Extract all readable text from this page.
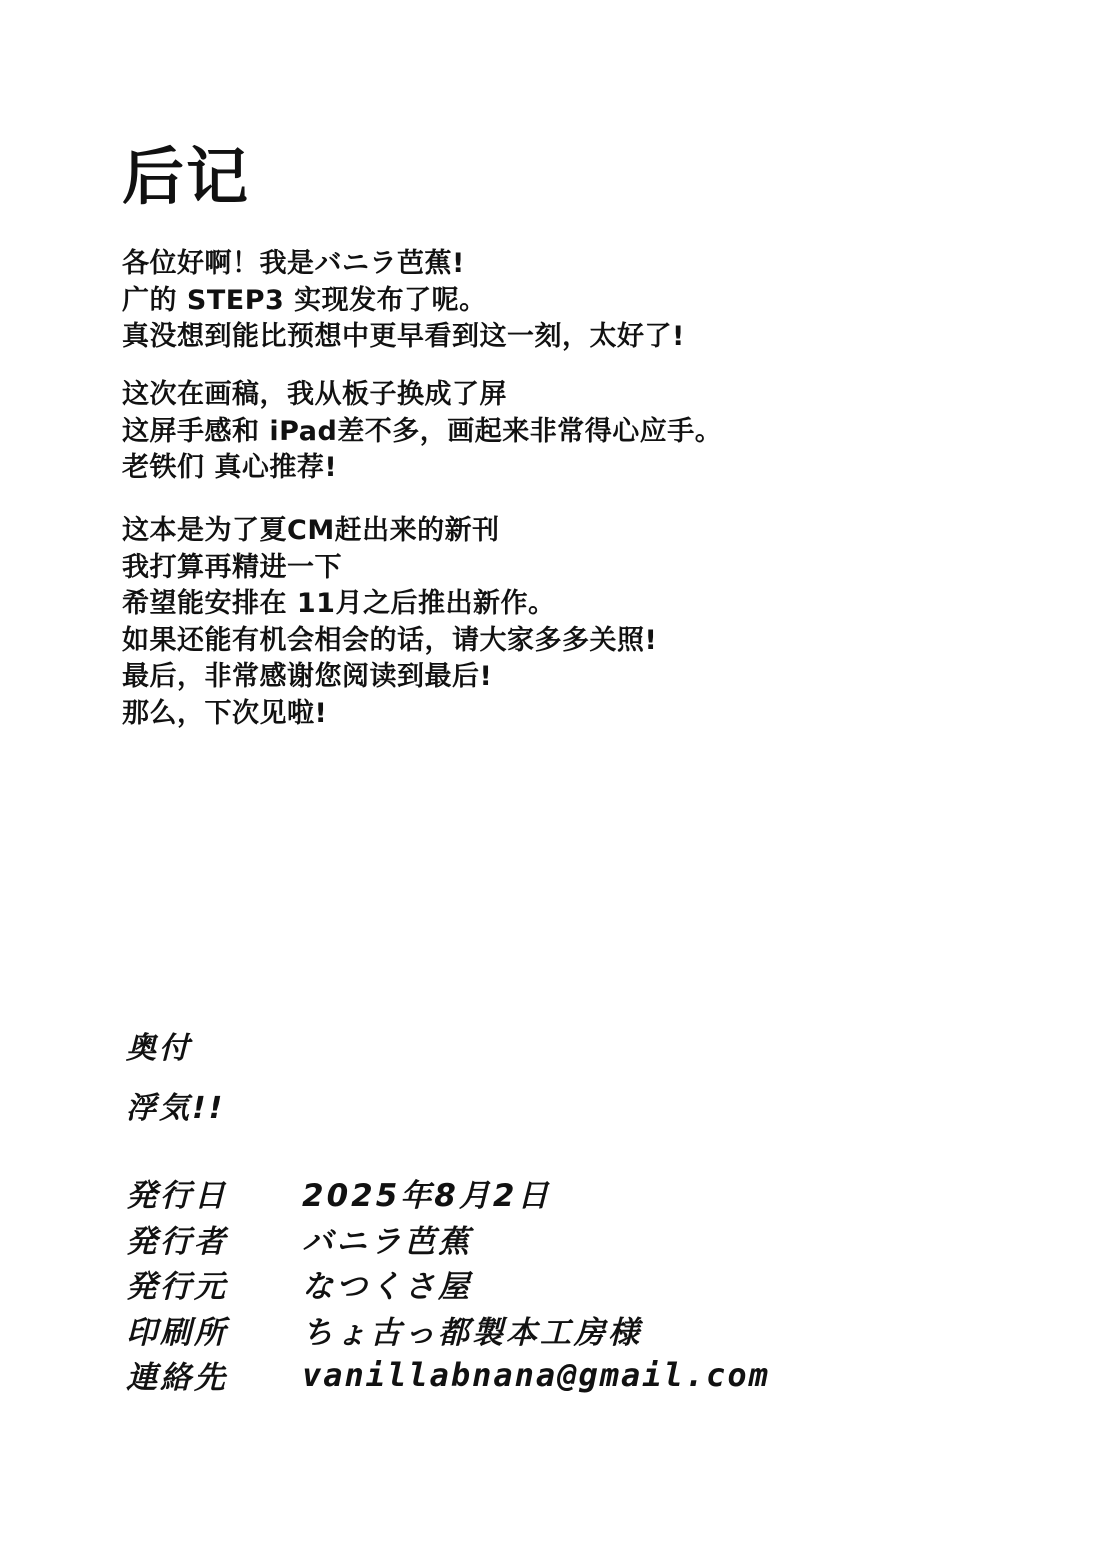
后记
各位好啊！我是バニラ芭蕉!
广的 STEP3 实现发布了呢。
真没想到能比预想中更早看到这一刻，太好了!
这次在画稿，我从板子换成了屏
这屏手感和 iPad差不多，画起来非常得心应手。
老铁们 真心推荐!
这本是为了夏CM赶出来的新刊
我打算再精进一下
希望能安排在 11月之后推出新作。
如果还能有机会相会的话，请大家多多关照!
最后，非常感谢您阅读到最后!
那么，下次见啦!
奥付
浮気!!
発行日	2025年8月2日
発行者	バニラ芭蕉
発行元	なつくさ屋
印刷所	ちょ古っ都製本工房様
連絡先	vanillabnana@gmail.com
